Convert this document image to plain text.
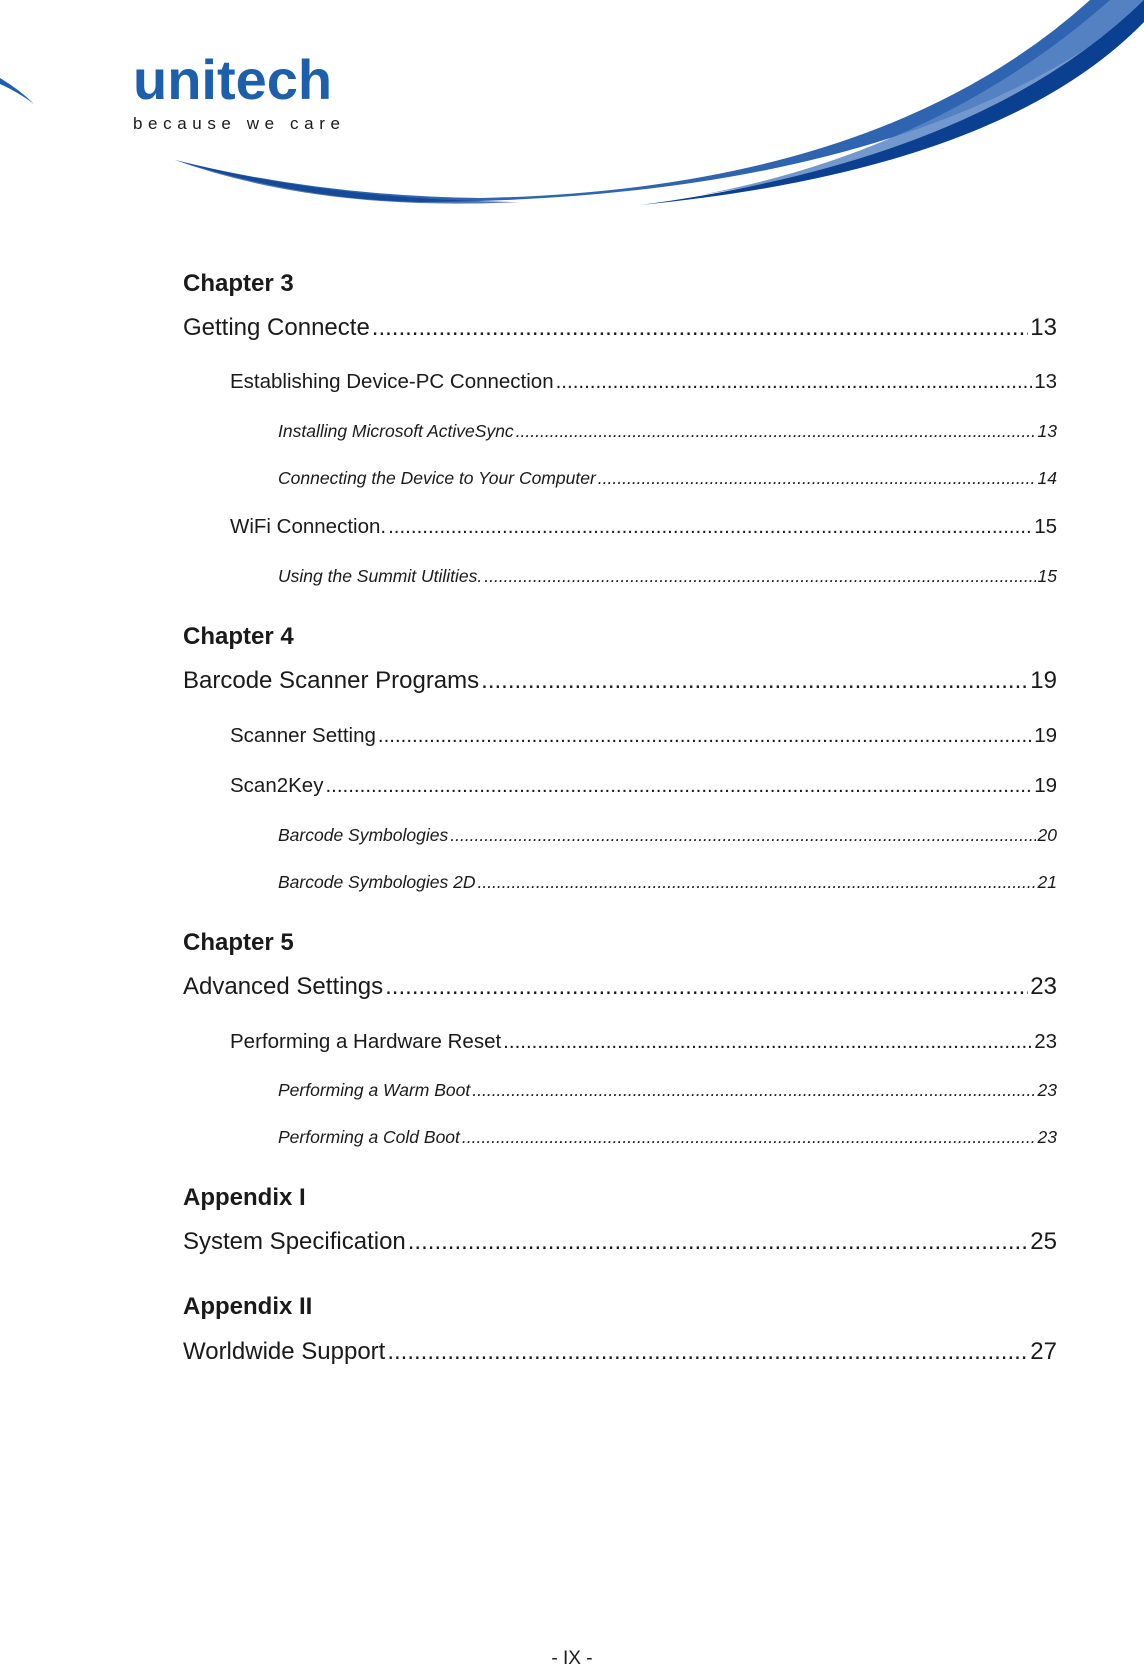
unitech
because we care
Chapter 3
Getting Connecte .....	13
Establishing Device-PC Connection .....	13
Installing Microsoft ActiveSync .....	13
Connecting the Device to Your Computer .....	14
WiFi Connection. .....	15
Using the Summit Utilities. .....	15
Chapter 4
Barcode Scanner Programs .....	19
Scanner Setting .....	19
Scan2Key .....	19
Barcode Symbologies .....	20
Barcode Symbologies 2D .....	21
Chapter 5
Advanced Settings .....	23
Performing a Hardware Reset .....	23
Performing a Warm Boot .....	23
Performing a Cold Boot .....	23
Appendix I
System Specification .....	25
Appendix II
Worldwide Support .....	27
- IX -
